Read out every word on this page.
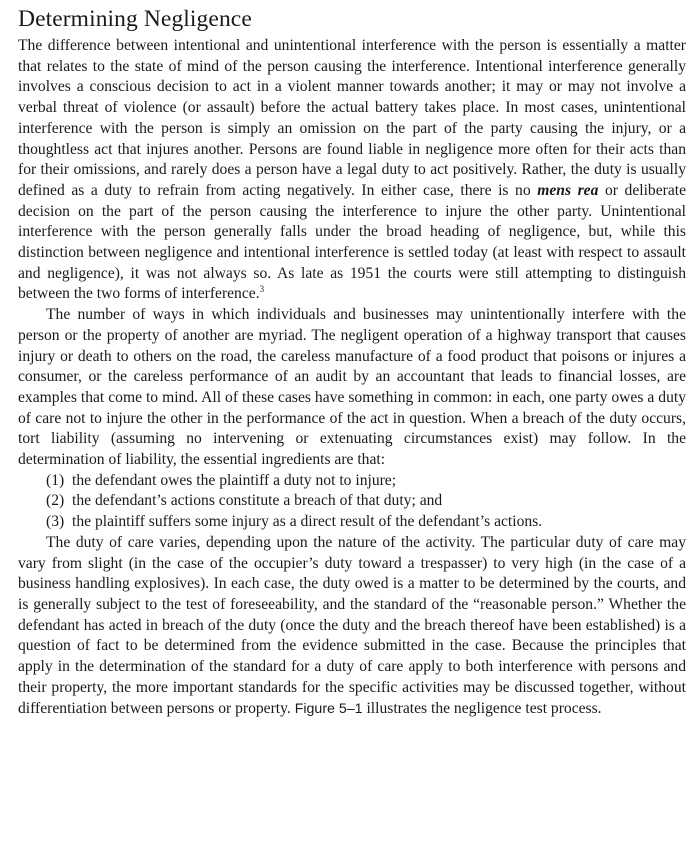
Determining Negligence

The difference between intentional and unintentional interference with the person is essentially a matter that relates to the state of mind of the person causing the interference. Intentional interference generally involves a conscious decision to act in a violent manner towards another; it may or may not involve a verbal threat of violence (or assault) before the actual battery takes place. In most cases, unintentional interference with the person is simply an omission on the part of the party causing the injury, or a thoughtless act that injures another. Persons are found liable in negligence more often for their acts than for their omissions, and rarely does a person have a legal duty to act positively. Rather, the duty is usually defined as a duty to refrain from acting negatively. In either case, there is no mens rea or deliberate decision on the part of the person causing the interference to injure the other party. Unintentional interference with the person generally falls under the broad heading of negligence, but, while this distinction between negligence and intentional interference is settled today (at least with respect to assault and negligence), it was not always so. As late as 1951 the courts were still attempting to distinguish between the two forms of interference.$^3$

The number of ways in which individuals and businesses may unintentionally interfere with the person or the property of another are myriad. The negligent operation of a highway transport that causes injury or death to others on the road, the careless manufacture of a food product that poisons or injures a consumer, or the careless performance of an audit by an accountant that leads to financial losses, are examples that come to mind. All of these cases have something in common: in each, one party owes a duty of care not to injure the other in the performance of the act in question. When a breach of the duty occurs, tort liability (assuming no intervening or extenuating circumstances exist) may follow. In the determination of liability, the essential ingredients are that:

(1) the defendant owes the plaintiff a duty not to injure;
(2) the defendant’s actions constitute a breach of that duty; and
(3) the plaintiff suffers some injury as a direct result of the defendant’s actions.

The duty of care varies, depending upon the nature of the activity. The particular duty of care may vary from slight (in the case of the occupier’s duty toward a trespasser) to very high (in the case of a business handling explosives). In each case, the duty owed is a matter to be determined by the courts, and is generally subject to the test of foreseeability, and the standard of the “reasonable person.” Whether the defendant has acted in breach of the duty (once the duty and the breach thereof have been established) is a question of fact to be determined from the evidence submitted in the case. Because the principles that apply in the determination of the standard for a duty of care apply to both interference with persons and their property, the more important standards for the specific activities may be discussed together, without differentiation between persons or property. Figure 5–1 illustrates the negligence test process.
